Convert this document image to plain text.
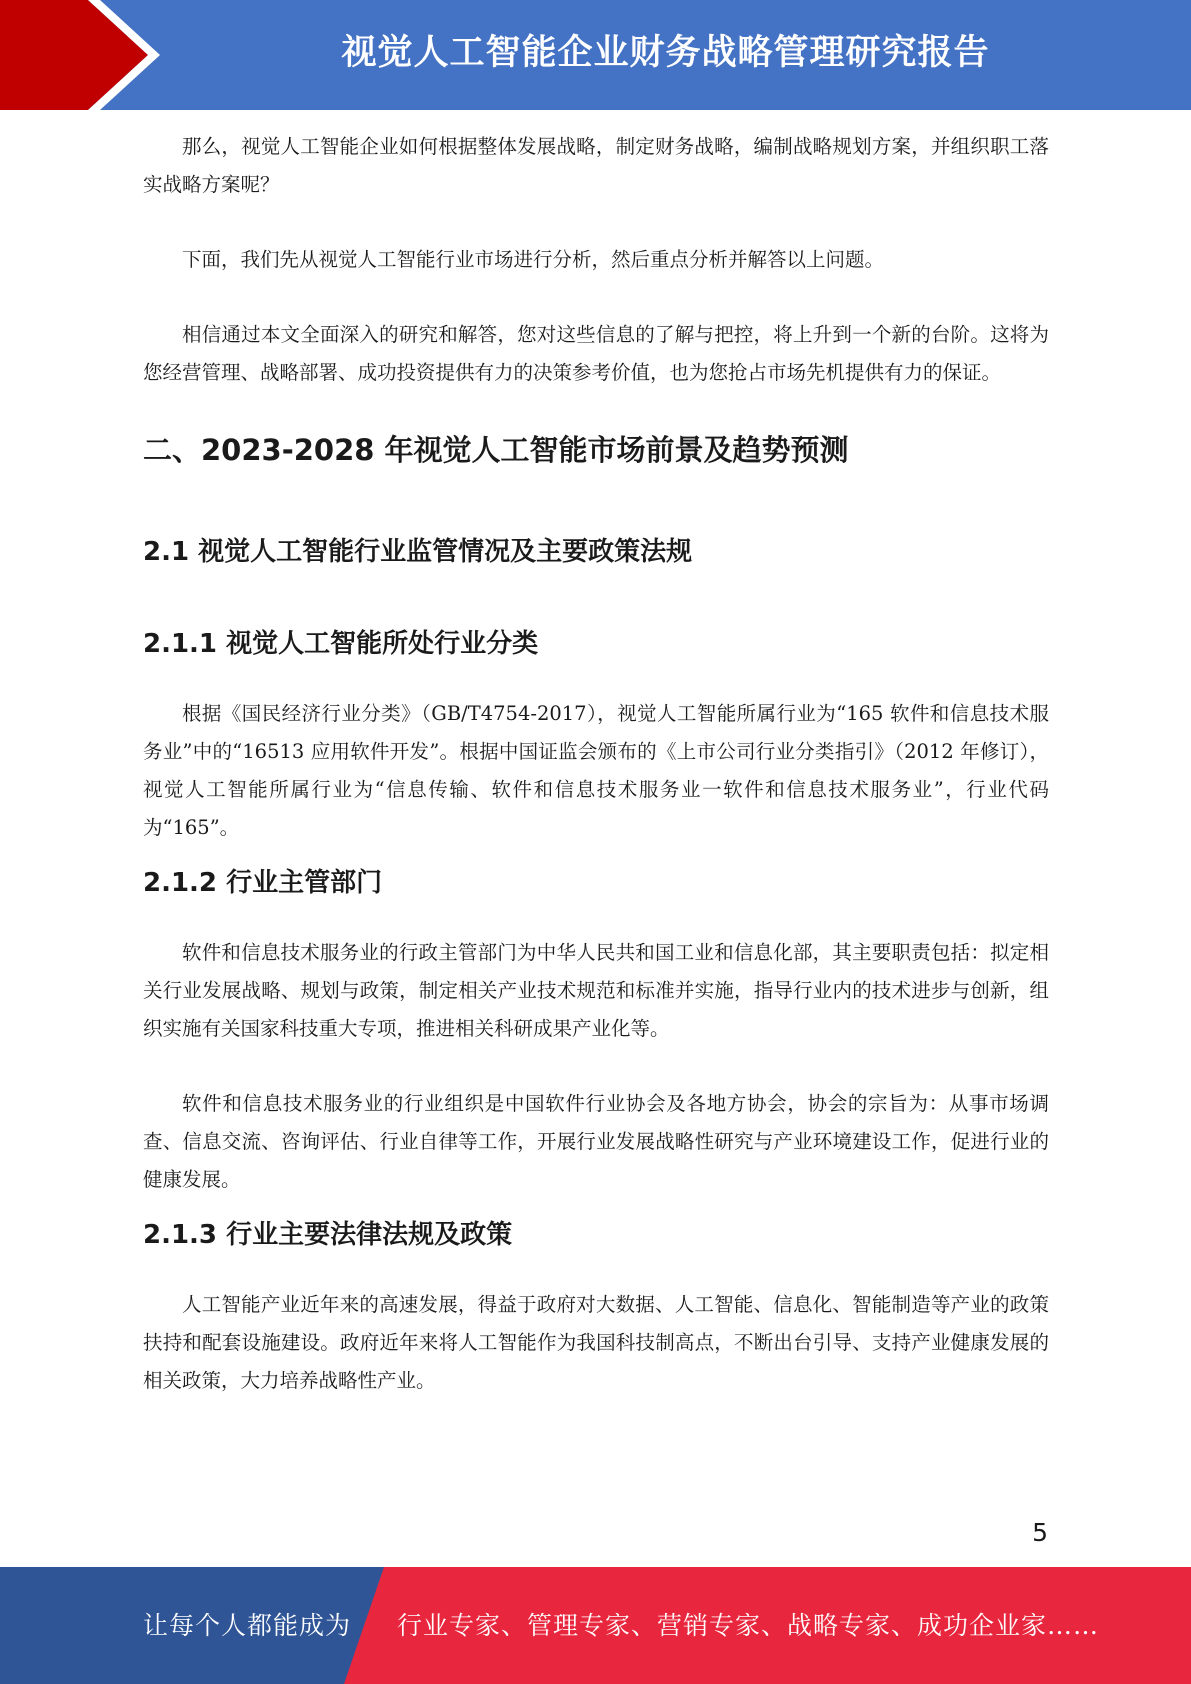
视觉人工智能企业财务战略管理研究报告

那么，视觉人工智能企业如何根据整体发展战略，制定财务战略，编制战略规划方案，并组织职工落实战略方案呢？

下面，我们先从视觉人工智能行业市场进行分析，然后重点分析并解答以上问题。

相信通过本文全面深入的研究和解答，您对这些信息的了解与把控，将上升到一个新的台阶。这将为您经营管理、战略部署、成功投资提供有力的决策参考价值，也为您抢占市场先机提供有力的保证。

二、2023-2028 年视觉人工智能市场前景及趋势预测
2.1 视觉人工智能行业监管情况及主要政策法规
2.1.1 视觉人工智能所处行业分类

根据《国民经济行业分类》（GB/T4754-2017），视觉人工智能所属行业为“165 软件和信息技术服务业”中的“16513 应用软件开发”。根据中国证监会颁布的《上市公司行业分类指引》（2012 年修订），视觉人工智能所属行业为“信息传输、软件和信息技术服务业一软件和信息技术服务业”，行业代码为“165”。

2.1.2 行业主管部门

软件和信息技术服务业的行政主管部门为中华人民共和国工业和信息化部，其主要职责包括：拟定相关行业发展战略、规划与政策，制定相关产业技术规范和标准并实施，指导行业内的技术进步与创新，组织实施有关国家科技重大专项，推进相关科研成果产业化等。

软件和信息技术服务业的行业组织是中国软件行业协会及各地方协会，协会的宗旨为：从事市场调查、信息交流、咨询评估、行业自律等工作，开展行业发展战略性研究与产业环境建设工作，促进行业的健康发展。

2.1.3 行业主要法律法规及政策

人工智能产业近年来的高速发展，得益于政府对大数据、人工智能、信息化、智能制造等产业的政策扶持和配套设施建设。政府近年来将人工智能作为我国科技制高点，不断出台引导、支持产业健康发展的相关政策，大力培养战略性产业。

5
让每个人都能成为 行业专家、管理专家、营销专家、战略专家、成功企业家……
